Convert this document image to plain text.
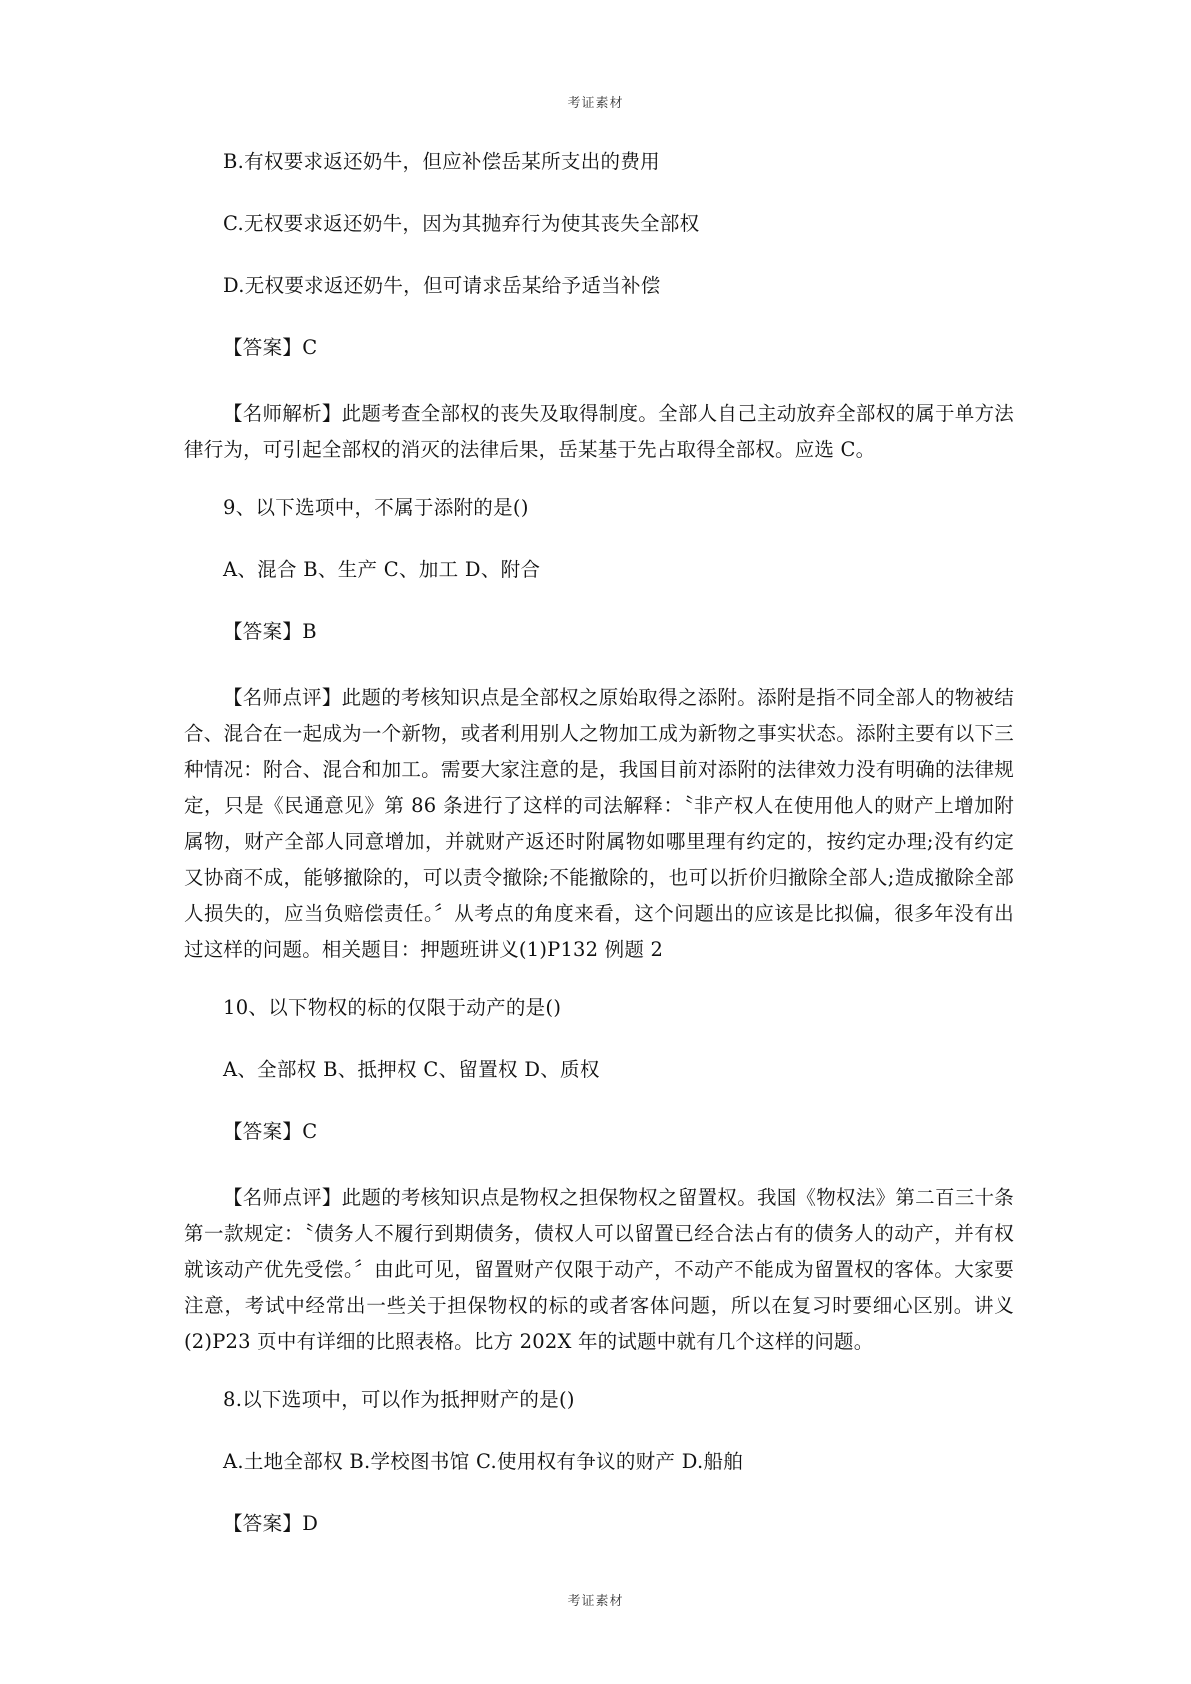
考证素材
B.有权要求返还奶牛，但应补偿岳某所支出的费用
C.无权要求返还奶牛，因为其抛弃行为使其丧失全部权
D.无权要求返还奶牛，但可请求岳某给予适当补偿
【答案】C
【名师解析】此题考查全部权的丧失及取得制度。全部人自己主动放弃全部权的属于单方法律行为，可引起全部权的消灭的法律后果，岳某基于先占取得全部权。应选 C。
9、以下选项中，不属于添附的是()
A、混合 B、生产 C、加工 D、附合
【答案】B
【名师点评】此题的考核知识点是全部权之原始取得之添附。添附是指不同全部人的物被结合、混合在一起成为一个新物，或者利用别人之物加工成为新物之事实状态。添附主要有以下三种情况：附合、混合和加工。需要大家注意的是，我国目前对添附的法律效力没有明确的法律规定，只是《民通意见》第 86 条进行了这样的司法解释：〝非产权人在使用他人的财产上增加附属物，财产全部人同意增加，并就财产返还时附属物如哪里理有约定的，按约定办理;没有约定又协商不成，能够撤除的，可以责令撤除;不能撤除的，也可以折价归撤除全部人;造成撤除全部人损失的，应当负赔偿责任。〞从考点的角度来看，这个问题出的应该是比拟偏，很多年没有出过这样的问题。相关题目：押题班讲义(1)P132 例题 2
10、以下物权的标的仅限于动产的是()
A、全部权 B、抵押权 C、留置权 D、质权
【答案】C
【名师点评】此题的考核知识点是物权之担保物权之留置权。我国《物权法》第二百三十条第一款规定：〝债务人不履行到期债务，债权人可以留置已经合法占有的债务人的动产，并有权就该动产优先受偿。〞由此可见，留置财产仅限于动产，不动产不能成为留置权的客体。大家要注意，考试中经常出一些关于担保物权的标的或者客体问题，所以在复习时要细心区别。讲义(2)P23 页中有详细的比照表格。比方 202X 年的试题中就有几个这样的问题。
8.以下选项中，可以作为抵押财产的是()
A.土地全部权 B.学校图书馆 C.使用权有争议的财产 D.船舶
【答案】D
考证素材
